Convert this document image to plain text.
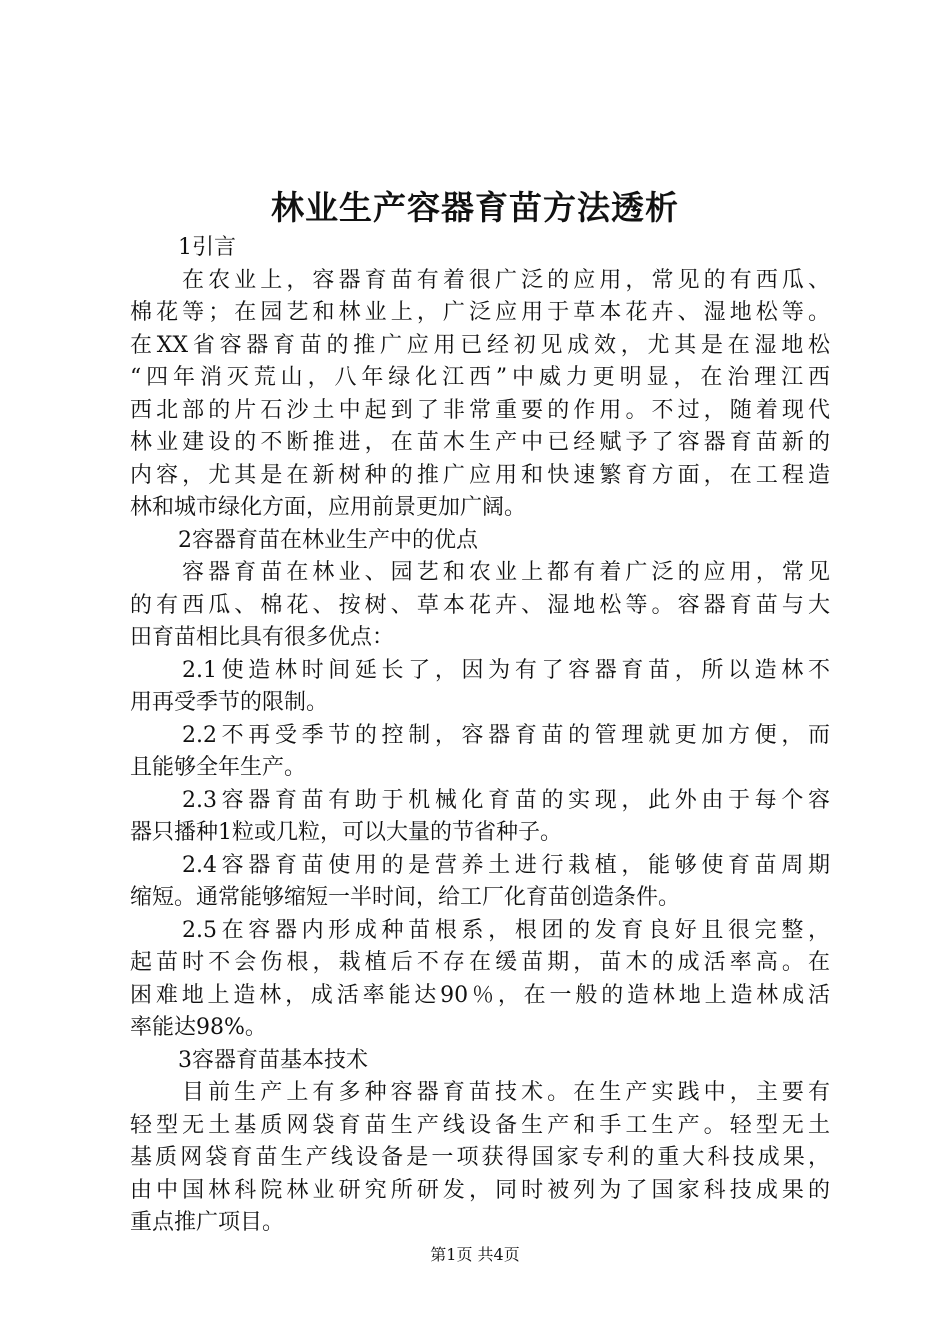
林业生产容器育苗方法透析
1引言
在农业上，容器育苗有着很广泛的应用，常见的有西瓜、
棉花等；在园艺和林业上，广泛应用于草本花卉、湿地松等。
在XX省容器育苗的推广应用已经初见成效，尤其是在湿地松
“四年消灭荒山，八年绿化江西”中威力更明显，在治理江西
西北部的片石沙土中起到了非常重要的作用。不过，随着现代
林业建设的不断推进，在苗木生产中已经赋予了容器育苗新的
内容，尤其是在新树种的推广应用和快速繁育方面，在工程造
林和城市绿化方面，应用前景更加广阔。
2容器育苗在林业生产中的优点
容器育苗在林业、园艺和农业上都有着广泛的应用，常见
的有西瓜、棉花、按树、草本花卉、湿地松等。容器育苗与大
田育苗相比具有很多优点：
2.1使造林时间延长了，因为有了容器育苗，所以造林不
用再受季节的限制。
2.2不再受季节的控制，容器育苗的管理就更加方便，而
且能够全年生产。
2.3容器育苗有助于机械化育苗的实现，此外由于每个容
器只播种1粒或几粒，可以大量的节省种子。
2.4容器育苗使用的是营养土进行栽植，能够使育苗周期
缩短。通常能够缩短一半时间，给工厂化育苗创造条件。
2.5在容器内形成种苗根系，根团的发育良好且很完整，
起苗时不会伤根，栽植后不存在缓苗期，苗木的成活率高。在
困难地上造林，成活率能达90％，在一般的造林地上造林成活
率能达98%。
3容器育苗基本技术
目前生产上有多种容器育苗技术。在生产实践中，主要有
轻型无土基质网袋育苗生产线设备生产和手工生产。轻型无土
基质网袋育苗生产线设备是一项获得国家专利的重大科技成果，
由中国林科院林业研究所研发，同时被列为了国家科技成果的
重点推广项目。
第1页 共4页
